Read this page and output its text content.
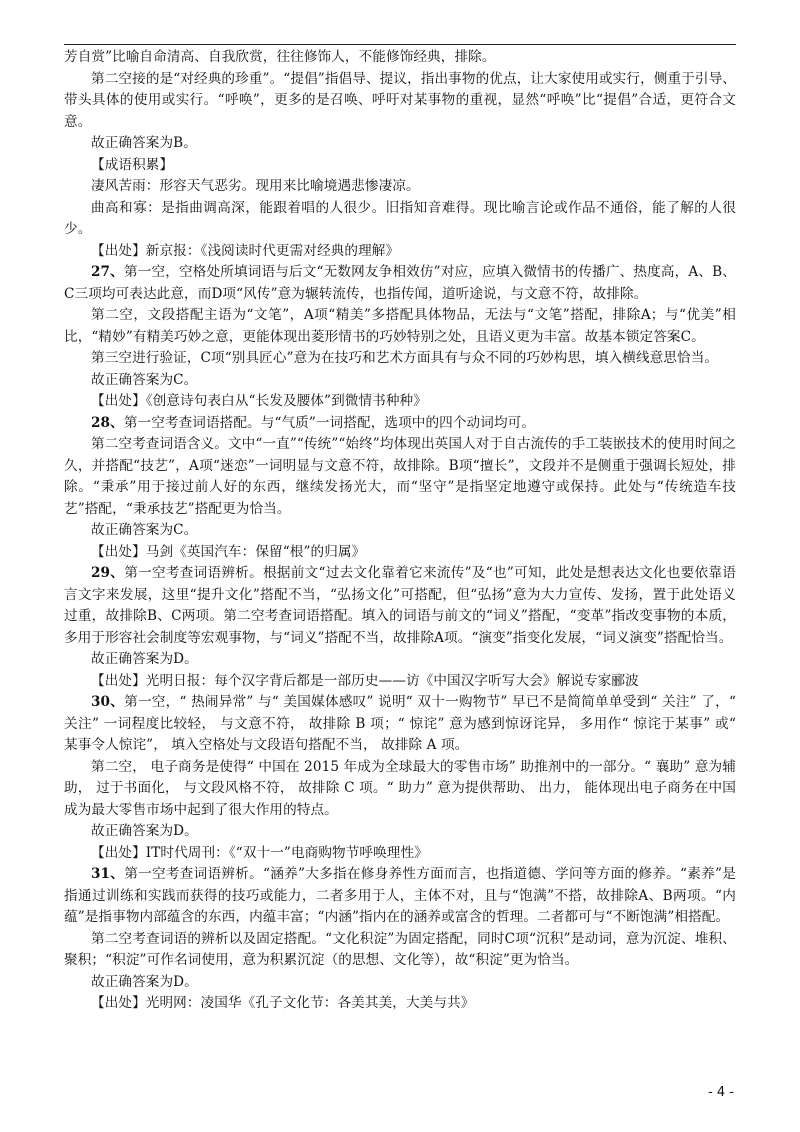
芳自赏”比喻自命清高、自我欣赏，往往修饰人，不能修饰经典，排除。

第二空接的是“对经典的珍重”。“提倡”指倡导、提议，指出事物的优点，让大家使用或实行，侧重于引导、带头具体的使用或实行。“呼唤”，更多的是召唤、呼吁对某事物的重视，显然“呼唤”比“提倡”合适，更符合文意。

故正确答案为B。

【成语积累】

凄风苦雨：形容天气恶劣。现用来比喻境遇悲惨凄凉。

曲高和寡：是指曲调高深，能跟着唱的人很少。旧指知音难得。现比喻言论或作品不通俗，能了解的人很少。

【出处】新京报：《浅阅读时代更需对经典的理解》

27、第一空，空格处所填词语与后文“无数网友争相效仿”对应，应填入微情书的传播广、热度高，A、B、C三项均可表达此意，而D项“风传”意为辗转流传，也指传闻，道听途说，与文意不符，故排除。

第二空，文段搭配主语为“文笔”，A项“精美”多搭配具体物品，无法与“文笔”搭配，排除A；与“优美”相比，“精妙”有精美巧妙之意，更能体现出菱形情书的巧妙特别之处，且语义更为丰富。故基本锁定答案C。

第三空进行验证，C项“别具匠心”意为在技巧和艺术方面具有与众不同的巧妙构思，填入横线意思恰当。

故正确答案为C。

【出处】《创意诗句表白从“长发及腰体”到微情书种种》

28、第一空考查词语搭配。与“气质”一词搭配，选项中的四个动词均可。

第二空考查词语含义。文中“一直”“传统”“始终”均体现出英国人对于自古流传的手工装嵌技术的使用时间之久，并搭配“技艺”，A项“迷恋”一词明显与文意不符，故排除。B项“擅长”，文段并不是侧重于强调长短处，排除。“秉承”用于接过前人好的东西，继续发扬光大，而“坚守”是指坚定地遵守或保持。此处与“传统造车技艺”搭配，“秉承技艺”搭配更为恰当。

故正确答案为C。

【出处】马剑《英国汽车：保留“根”的归属》

29、第一空考查词语辨析。根据前文“过去文化靠着它来流传”及“也”可知，此处是想表达文化也要依靠语言文字来发展，这里“提升文化”搭配不当，“弘扬文化”可搭配，但“弘扬”意为大力宣传、发扬，置于此处语义过重，故排除B、C两项。第二空考查词语搭配。填入的词语与前文的“词义”搭配，“变革”指改变事物的本质，多用于形容社会制度等宏观事物，与“词义”搭配不当，故排除A项。“演变”指变化发展，“词义演变”搭配恰当。

故正确答案为D。

【出处】光明日报：每个汉字背后都是一部历史——访《中国汉字听写大会》解说专家郦波

30、第一空，“ 热闹异常” 与“ 美国媒体感叹” 说明“ 双十一购物节” 早已不是简简单单受到“ 关注” 了，“ 关注” 一词程度比较轻， 与文意不符， 故排除 B 项；“ 惊诧” 意为感到惊讶诧异， 多用作“ 惊诧于某事” 或“ 某事令人惊诧”， 填入空格处与文段语句搭配不当， 故排除 A 项。

第二空， 电子商务是使得“ 中国在 2015 年成为全球最大的零售市场” 助推剂中的一部分。“ 襄助” 意为辅助， 过于书面化， 与文段风格不符， 故排除 C 项。“ 助力” 意为提供帮助、 出力， 能体现出电子商务在中国成为最大零售市场中起到了很大作用的特点。

故正确答案为D。

【出处】IT时代周刊：《“双十一”电商购物节呼唤理性》

31、第一空考查词语辨析。“涵养”大多指在修身养性方面而言，也指道德、学问等方面的修养。“素养”是指通过训练和实践而获得的技巧或能力，二者多用于人，主体不对，且与“饱满”不搭，故排除A、B两项。“内蕴”是指事物内部蕴含的东西，内蕴丰富；“内涵”指内在的涵养或富含的哲理。二者都可与“不断饱满”相搭配。

第二空考查词语的辨析以及固定搭配。“文化积淀”为固定搭配，同时C项“沉积”是动词，意为沉淀、堆积、聚积；“积淀”可作名词使用，意为积累沉淀（的思想、文化等），故“积淀”更为恰当。

故正确答案为D。

【出处】光明网：凌国华《孔子文化节：各美其美，大美与共》

- 4 -
